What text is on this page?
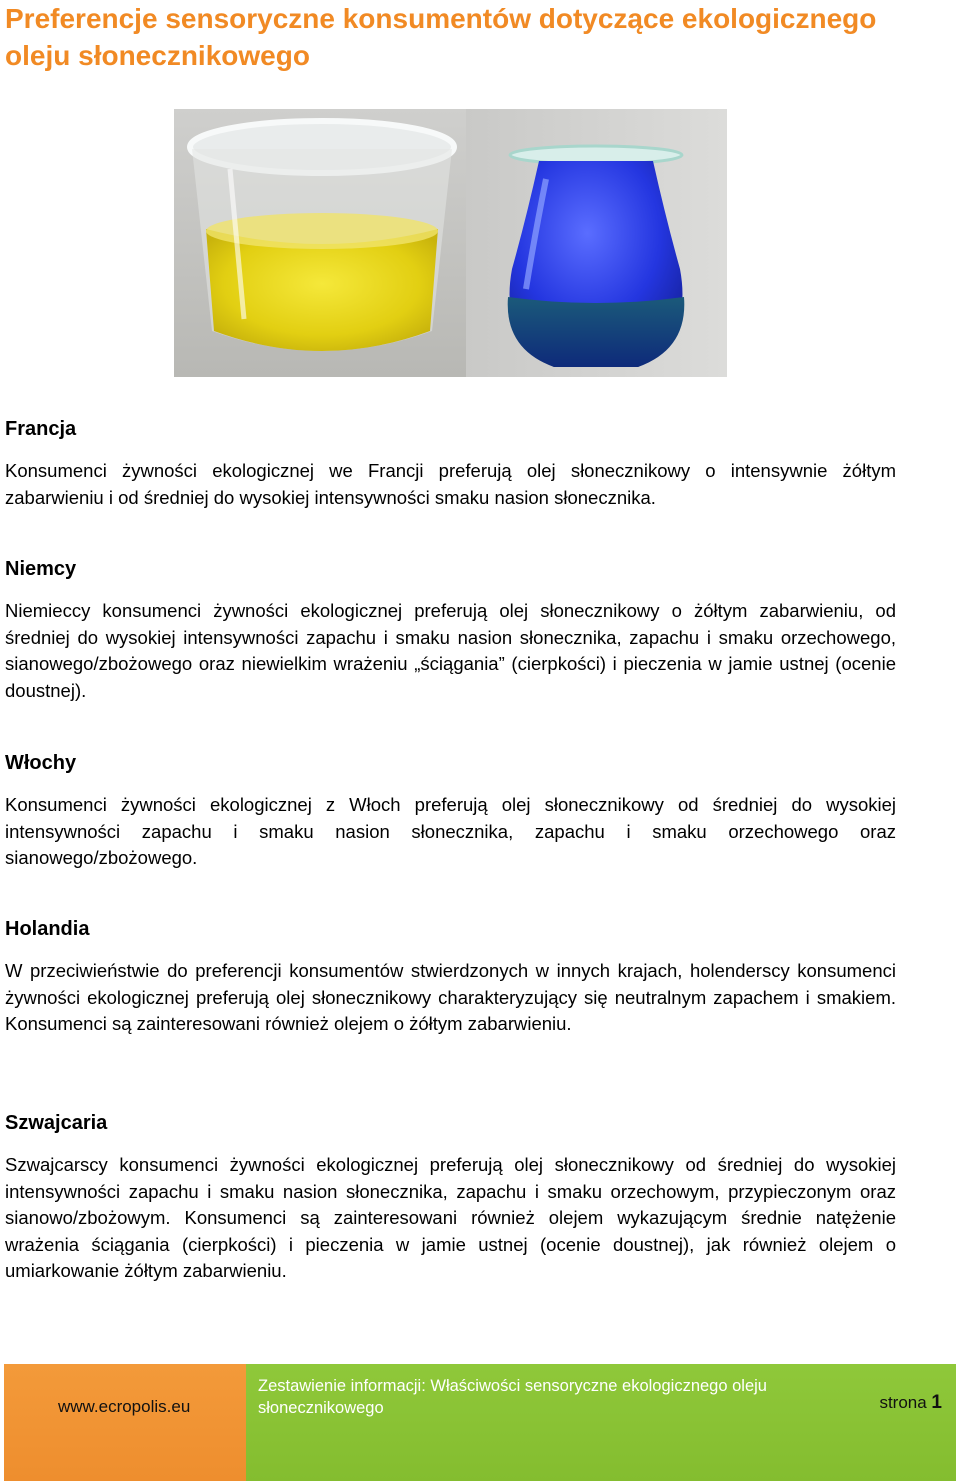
Preferencje sensoryczne konsumentów dotyczące ekologicznego oleju słonecznikowego
Francja

Konsumenci żywności ekologicznej we Francji preferują olej słonecznikowy o intensywnie żółtym zabarwieniu i od średniej do wysokiej intensywności smaku nasion słonecznika.

Niemcy

Niemieccy konsumenci żywności ekologicznej preferują olej słonecznikowy o żółtym zabarwieniu, od średniej do wysokiej intensywności zapachu i smaku nasion słonecznika, zapachu i smaku orzechowego, sianowego/zbożowego oraz niewielkim wrażeniu „ściągania” (cierpkości) i pieczenia w jamie ustnej (ocenie doustnej).

Włochy

Konsumenci żywności ekologicznej z Włoch preferują olej słonecznikowy od średniej do wysokiej intensywności zapachu i smaku nasion słonecznika, zapachu i smaku orzechowego oraz sianowego/zbożowego.

Holandia

W przeciwieństwie do preferencji konsumentów stwierdzonych w innych krajach, holenderscy konsumenci żywności ekologicznej preferują olej słonecznikowy charakteryzujący się neutralnym zapachem i smakiem. Konsumenci są zainteresowani również olejem o żółtym zabarwieniu.

Szwajcaria

Szwajcarscy konsumenci żywności ekologicznej preferują olej słonecznikowy od średniej do wysokiej intensywności zapachu i smaku nasion słonecznika, zapachu i smaku orzechowym, przypieczonym oraz sianowo/zbożowym. Konsumenci są zainteresowani również olejem wykazującym średnie natężenie wrażenia ściągania (cierpkości) i pieczenia w jamie ustnej (ocenie doustnej), jak również olejem o umiarkowanie żółtym zabarwieniu.

www.ecropolis.eu
Zestawienie informacji: Właściwości sensoryczne ekologicznego oleju słonecznikowego	strona 1
